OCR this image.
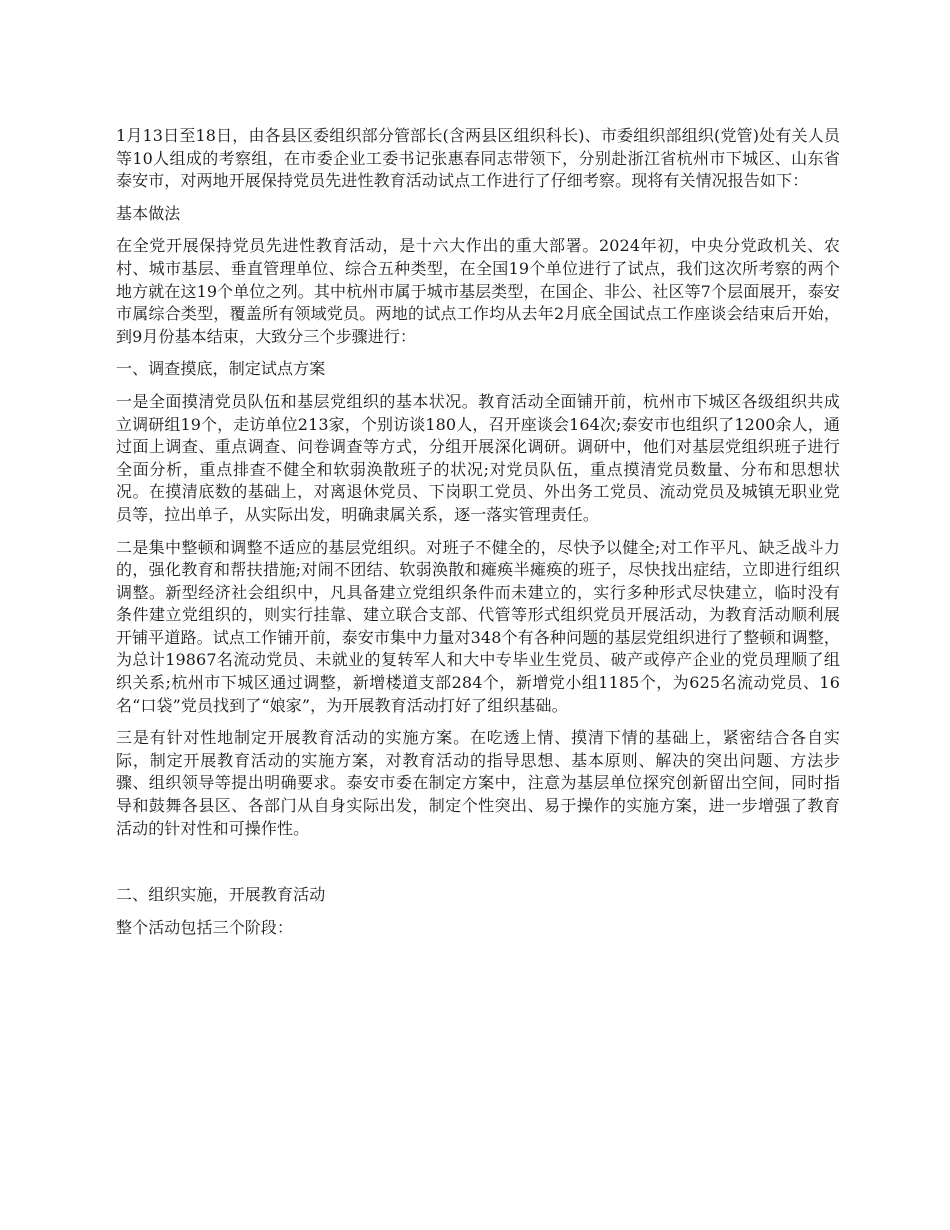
1月13日至18日，由各县区委组织部分管部长(含两县区组织科长)、市委组织部组织(党管)处有关人员等10人组成的考察组，在市委企业工委书记张惠春同志带领下，分别赴浙江省杭州市下城区、山东省泰安市，对两地开展保持党员先进性教育活动试点工作进行了仔细考察。现将有关情况报告如下：

基本做法

在全党开展保持党员先进性教育活动，是十六大作出的重大部署。2024年初，中央分党政机关、农村、城市基层、垂直管理单位、综合五种类型，在全国19个单位进行了试点，我们这次所考察的两个地方就在这19个单位之列。其中杭州市属于城市基层类型，在国企、非公、社区等7个层面展开，泰安市属综合类型，覆盖所有领域党员。两地的试点工作均从去年2月底全国试点工作座谈会结束后开始，到9月份基本结束，大致分三个步骤进行：

一、调查摸底，制定试点方案

一是全面摸清党员队伍和基层党组织的基本状况。教育活动全面铺开前，杭州市下城区各级组织共成立调研组19个，走访单位213家，个别访谈180人，召开座谈会164次;泰安市也组织了1200余人，通过面上调查、重点调查、问卷调查等方式，分组开展深化调研。调研中，他们对基层党组织班子进行全面分析，重点排查不健全和软弱涣散班子的状况;对党员队伍，重点摸清党员数量、分布和思想状况。在摸清底数的基础上，对离退休党员、下岗职工党员、外出务工党员、流动党员及城镇无职业党员等，拉出单子，从实际出发，明确隶属关系，逐一落实管理责任。

二是集中整顿和调整不适应的基层党组织。对班子不健全的，尽快予以健全;对工作平凡、缺乏战斗力的，强化教育和帮扶措施;对闹不团结、软弱涣散和瘫痪半瘫痪的班子，尽快找出症结，立即进行组织调整。新型经济社会组织中，凡具备建立党组织条件而未建立的，实行多种形式尽快建立，临时没有条件建立党组织的，则实行挂靠、建立联合支部、代管等形式组织党员开展活动，为教育活动顺利展开铺平道路。试点工作铺开前，泰安市集中力量对348个有各种问题的基层党组织进行了整顿和调整，为总计19867名流动党员、未就业的复转军人和大中专毕业生党员、破产或停产企业的党员理顺了组织关系;杭州市下城区通过调整，新增楼道支部284个，新增党小组1185个，为625名流动党员、16名“口袋”党员找到了“娘家”，为开展教育活动打好了组织基础。

三是有针对性地制定开展教育活动的实施方案。在吃透上情、摸清下情的基础上，紧密结合各自实际，制定开展教育活动的实施方案，对教育活动的指导思想、基本原则、解决的突出问题、方法步骤、组织领导等提出明确要求。泰安市委在制定方案中，注意为基层单位探究创新留出空间，同时指导和鼓舞各县区、各部门从自身实际出发，制定个性突出、易于操作的实施方案，进一步增强了教育活动的针对性和可操作性。

二、组织实施，开展教育活动

整个活动包括三个阶段：
